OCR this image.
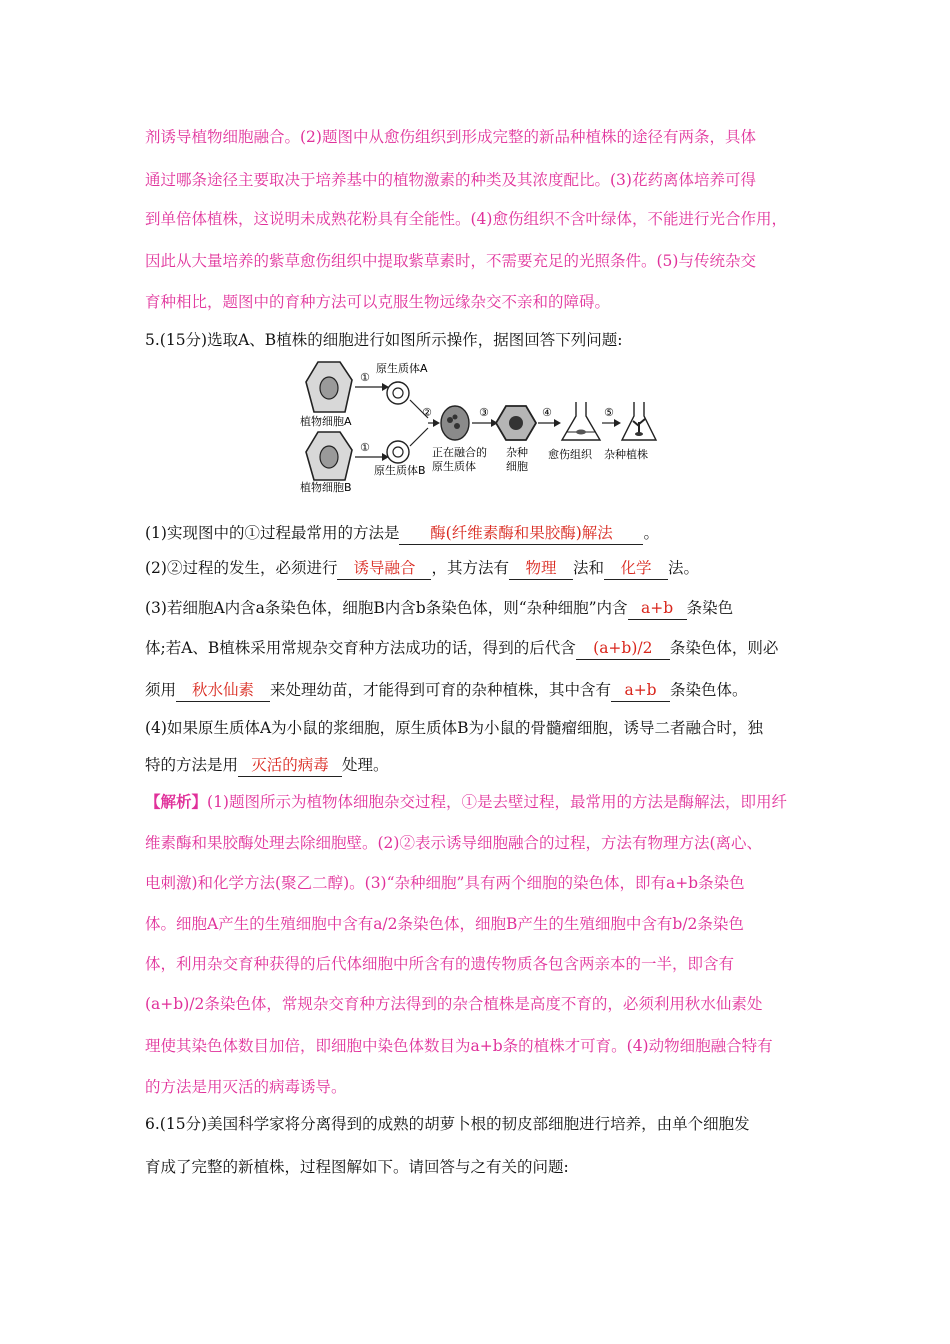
剂诱导植物细胞融合。(2)题图中从愈伤组织到形成完整的新品种植株的途径有两条，具体
通过哪条途径主要取决于培养基中的植物激素的种类及其浓度配比。(3)花药离体培养可得
到单倍体植株，这说明未成熟花粉具有全能性。(4)愈伤组织不含叶绿体，不能进行光合作用，
因此从大量培养的紫草愈伤组织中提取紫草素时，不需要充足的光照条件。(5)与传统杂交
育种相比，题图中的育种方法可以克服生物远缘杂交不亲和的障碍。
5.(15分)选取A、B植株的细胞进行如图所示操作，据图回答下列问题:
植物细胞A
植物细胞B
①
①
原生质体A
原生质体B
②
正在融合的
原生质体
③
杂种
细胞
④
愈伤组织
⑤
杂种植株
(1)实现图中的①过程最常用的方法是 酶(纤维素酶和果胶酶)解法 。
(2)②过程的发生，必须进行 诱导融合 ，其方法有 物理 法和 化学 法。
(3)若细胞A内含a条染色体，细胞B内含b条染色体，则“杂种细胞”内含 a+b 条染色
体;若A、B植株采用常规杂交育种方法成功的话，得到的后代含 (a+b)/2 条染色体，则必
须用 秋水仙素 来处理幼苗，才能得到可育的杂种植株，其中含有 a+b 条染色体。
(4)如果原生质体A为小鼠的浆细胞，原生质体B为小鼠的骨髓瘤细胞，诱导二者融合时，独
特的方法是用 灭活的病毒 处理。
【解析】(1)题图所示为植物体细胞杂交过程，①是去壁过程，最常用的方法是酶解法，即用纤
维素酶和果胶酶处理去除细胞壁。(2)②表示诱导细胞融合的过程，方法有物理方法(离心、
电刺激)和化学方法(聚乙二醇)。(3)“杂种细胞”具有两个细胞的染色体，即有a+b条染色
体。细胞A产生的生殖细胞中含有a/2条染色体，细胞B产生的生殖细胞中含有b/2条染色
体，利用杂交育种获得的后代体细胞中所含有的遗传物质各包含两亲本的一半，即含有
(a+b)/2条染色体，常规杂交育种方法得到的杂合植株是高度不育的，必须利用秋水仙素处
理使其染色体数目加倍，即细胞中染色体数目为a+b条的植株才可育。(4)动物细胞融合特有
的方法是用灭活的病毒诱导。
6.(15分)美国科学家将分离得到的成熟的胡萝卜根的韧皮部细胞进行培养，由单个细胞发
育成了完整的新植株，过程图解如下。请回答与之有关的问题:
